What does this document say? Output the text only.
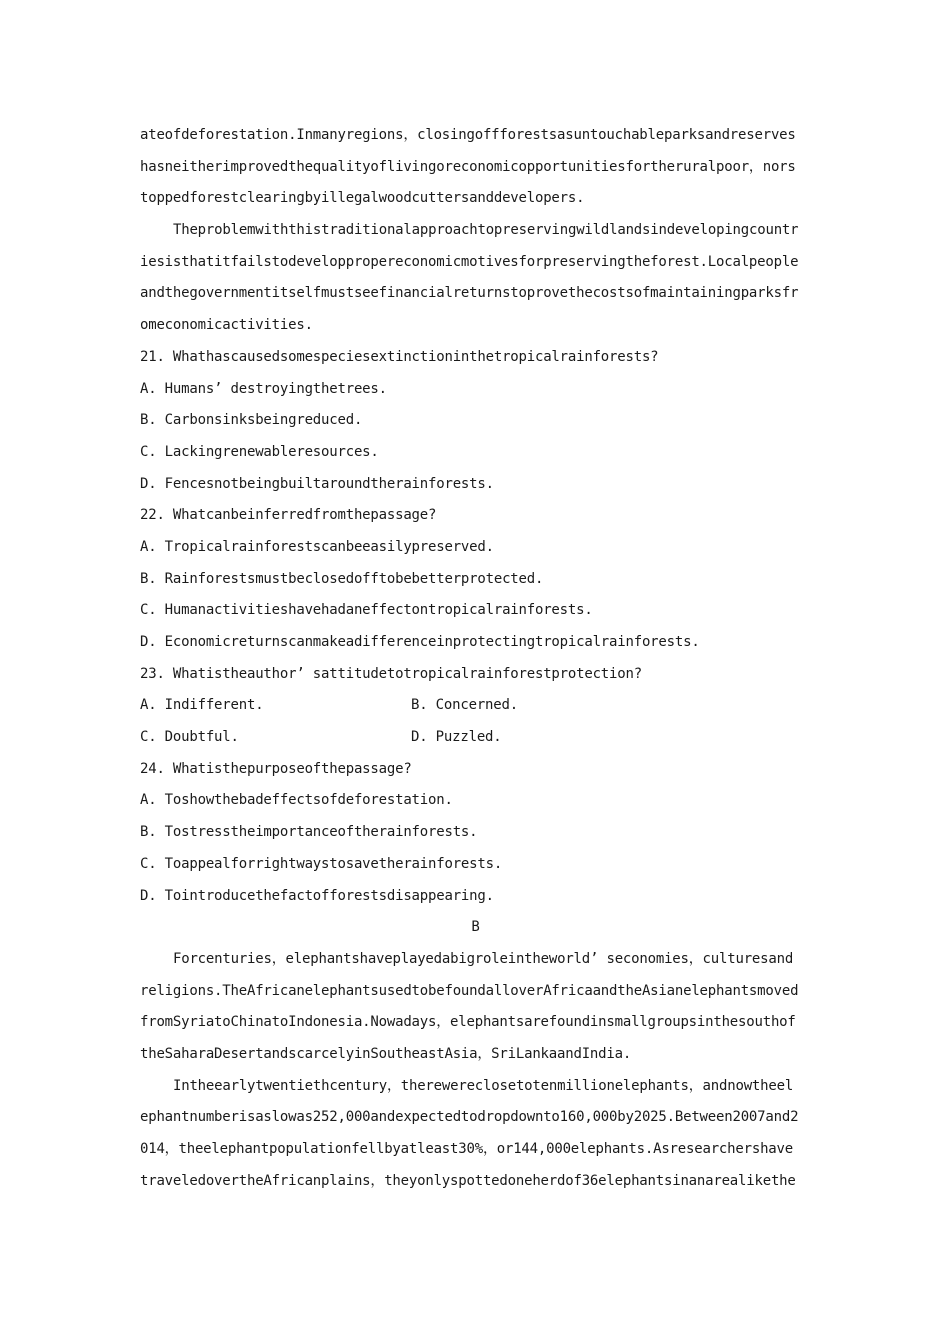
ateofdeforestation.Inmanyregions，closingoffforestsasuntouchableparksandreserves
hasneitherimprovedthequalityoflivingoreconomicopportunitiesfortheruralpoor，nors
toppedforestclearingbyillegalwoodcuttersanddevelopers.
Theproblemwiththistraditionalapproachtopreservingwildlandsindevelopingcountr
iesisthatitfailstodeveloppropereconomicmotivesforpreservingtheforest.Localpeople
andthegovernmentitselfmustseefinancialreturnstoprovethecostsofmaintainingparksfr
omeconomicactivities.
21. Whathascausedsomespeciesextinctioninthetropicalrainforests?
A. Humans’ destroyingthetrees.
B. Carbonsinksbeingreduced.
C. Lackingrenewableresources.
D. Fencesnotbeingbuiltaroundtherainforests.
22. Whatcanbeinferredfromthepassage?
A. Tropicalrainforestscanbeeasilypreserved.
B. Rainforestsmustbeclosedofftobebetterprotected.
C. Humanactivitieshavehadaneffectontropicalrainforests.
D. Economicreturnscanmakeadifferenceinprotectingtropicalrainforests.
23. Whatistheauthor’ sattitudetotropicalrainforestprotection?
A. Indifferent.	B. Concerned.
C. Doubtful.	D. Puzzled.
24. Whatisthepurposeofthepassage?
A. Toshowthebadeffectsofdeforestation.
B. Tostresstheimportanceoftherainforests.
C. Toappealforrightwaystosavetherainforests.
D. Tointroducethefactofforestsdisappearing.
B
Forcenturies，elephantshaveplayedabigroleintheworld’ seconomies，culturesand
religions.TheAfricanelephantsusedtobefoundalloverAfricaandtheAsianelephantsmoved
fromSyriatoChinatoIndonesia.Nowadays，elephantsarefoundinsmallgroupsinthesouthof
theSaharaDesertandscarcelyinSoutheastAsia，SriLankaandIndia.
Intheearlytwentiethcentury，therewereclosetotenmillionelephants，andnowtheel
ephantnumberisaslowas252,000andexpectedtodropdownto160,000by2025.Between2007and2
014，theelephantpopulationfellbyatleast30%，or144,000elephants.Asresearchershave
traveledovertheAfricanplains，theyonlyspottedoneherdof36elephantsinanarealikethe
